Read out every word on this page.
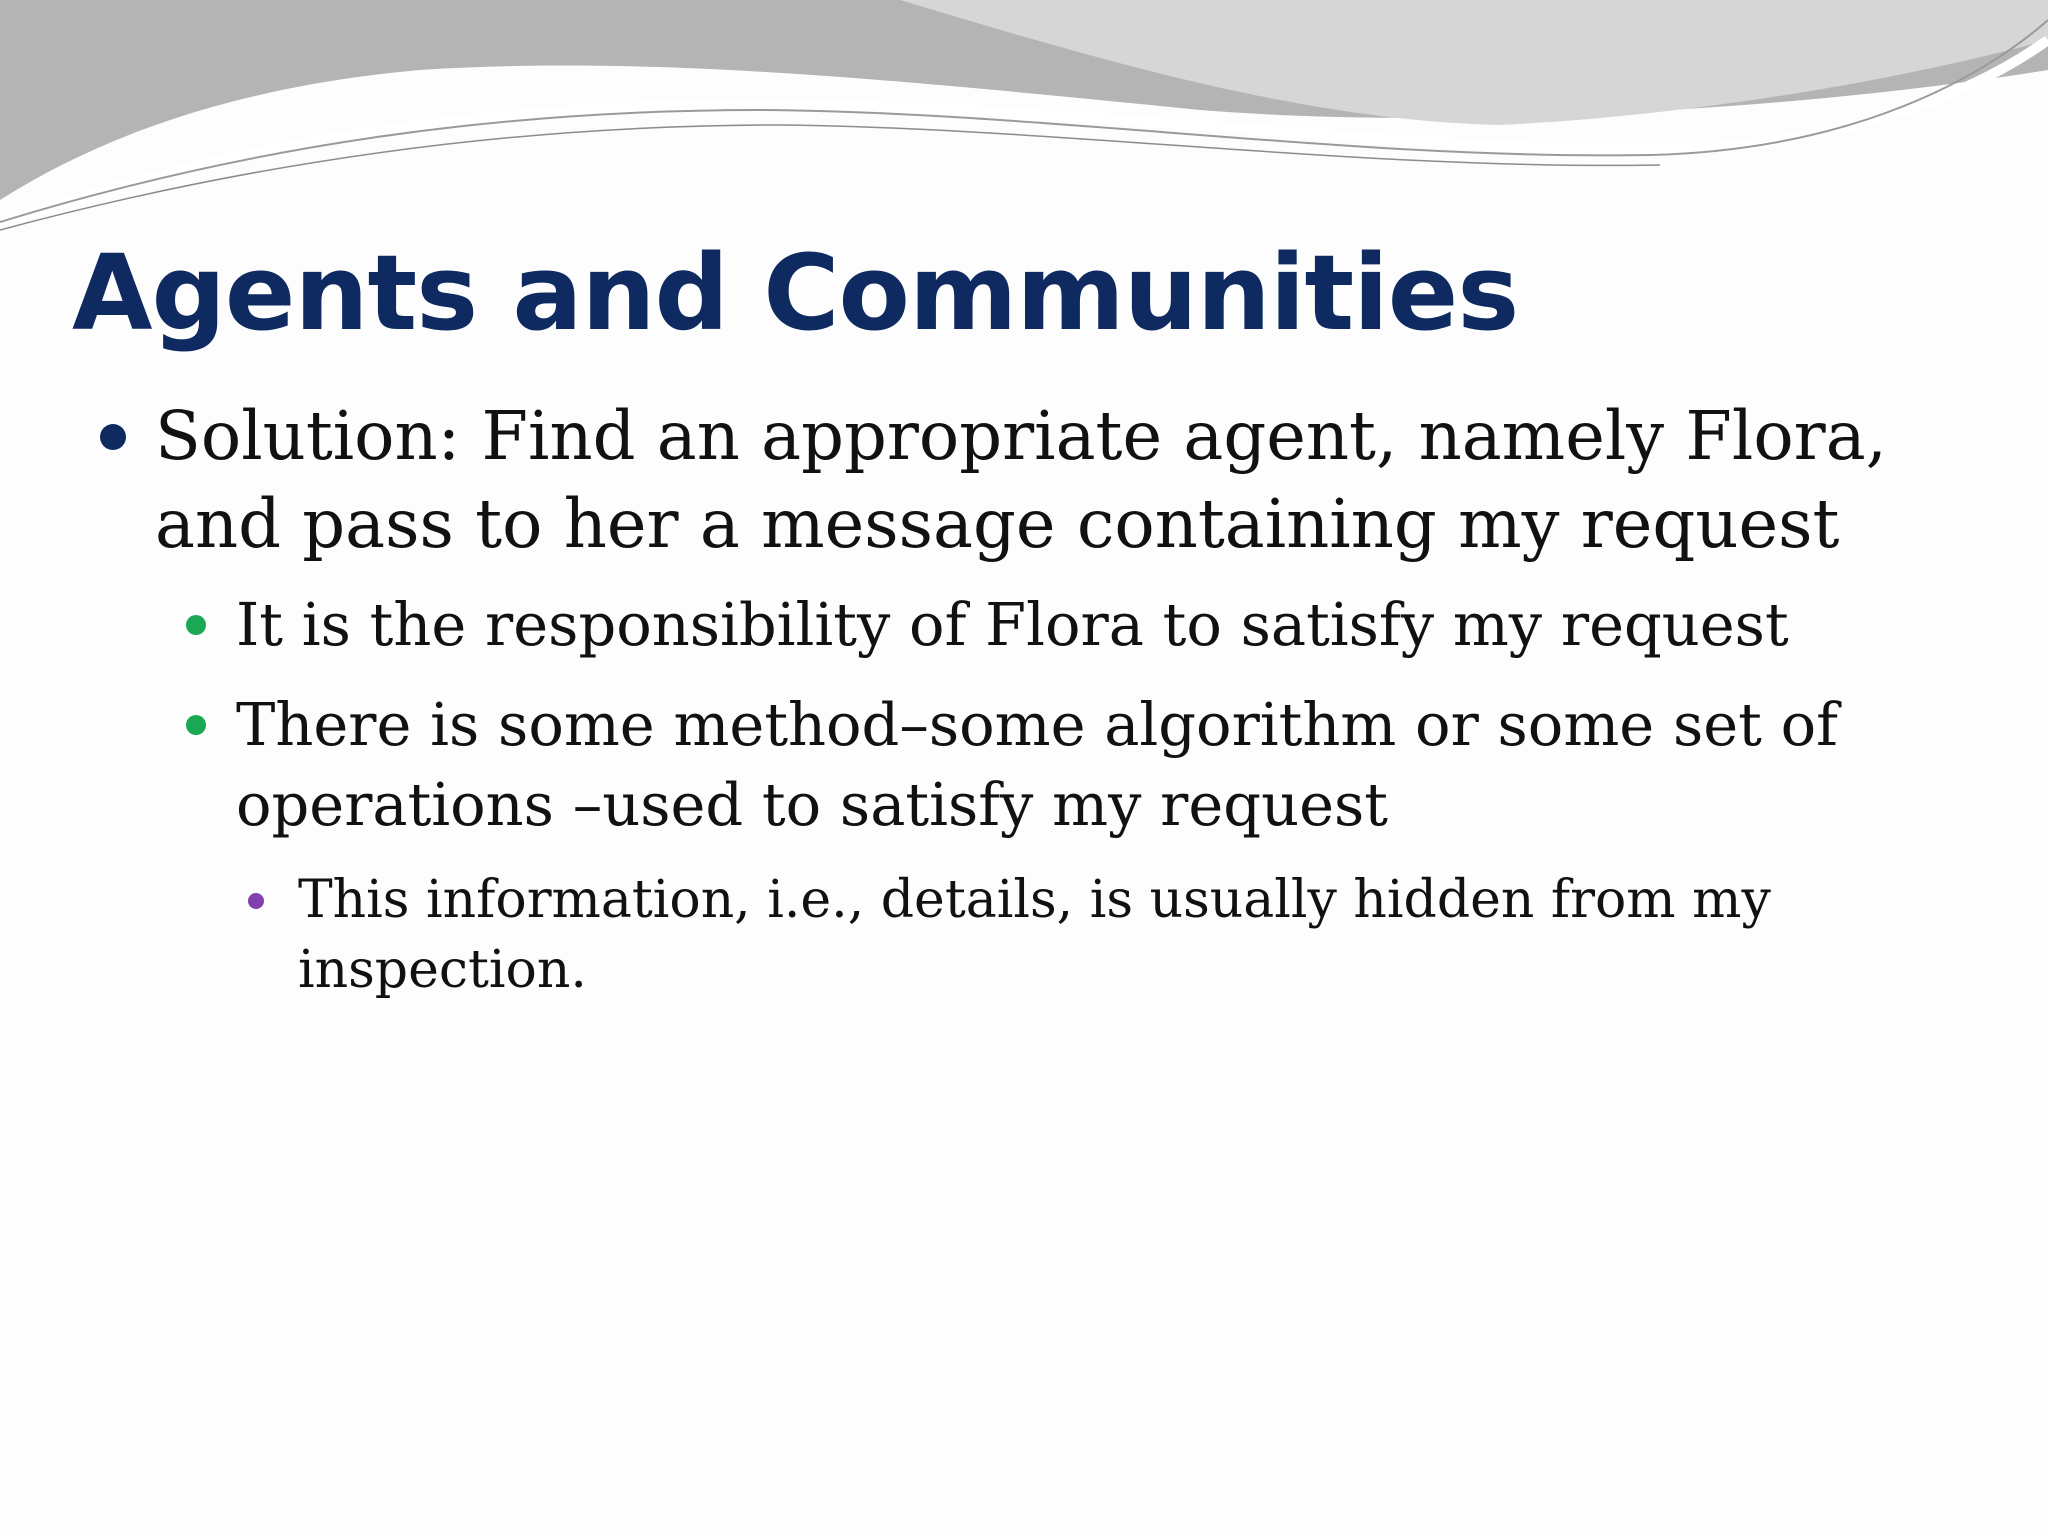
Agents and Communities
Solution: Find an appropriate agent, namely Flora, and pass to her a message containing my request
It is the responsibility of Flora to satisfy my request
There is some method–some algorithm or some set of operations –used to satisfy my request
This information, i.e., details, is usually hidden from my inspection.
